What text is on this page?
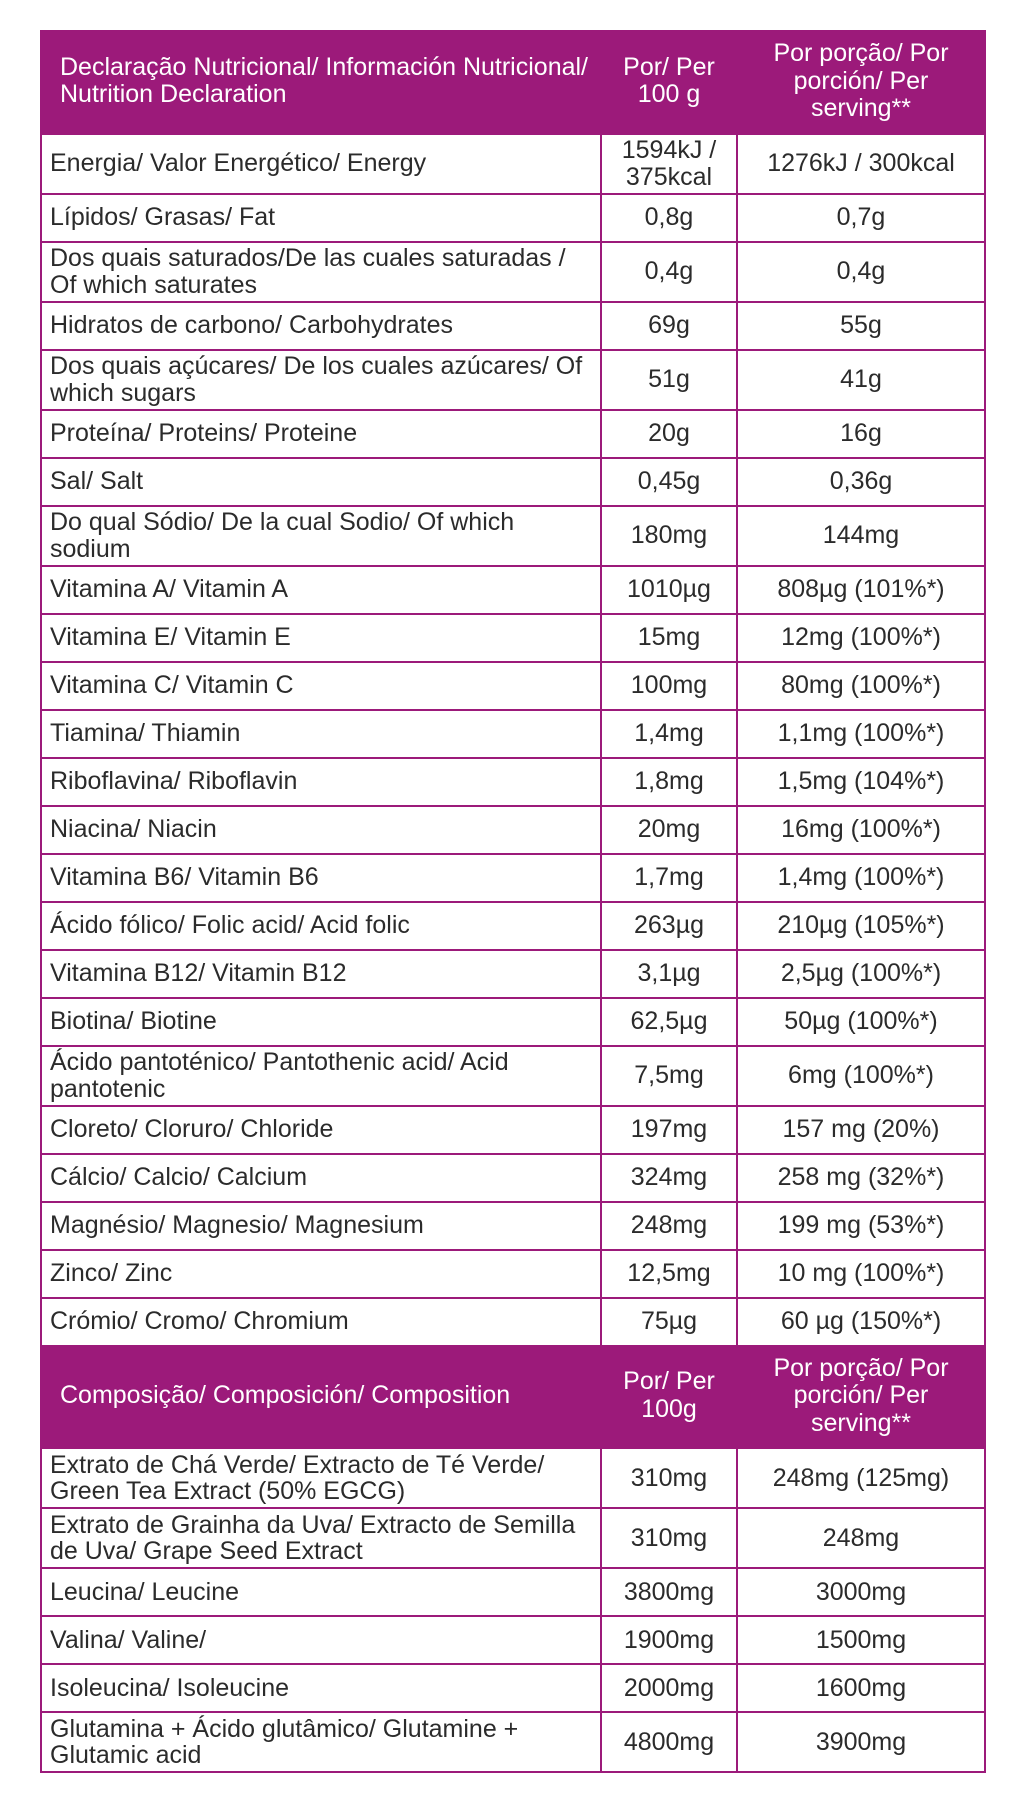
Declaração Nutricional/ Información Nutricional/ Nutrition Declaration	Por/ Per 100 g	Por porção/ Por porción/ Per serving**
Energia/ Valor Energético/ Energy	1594kJ / 375kcal	1276kJ / 300kcal
Lípidos/ Grasas/ Fat	0,8g	0,7g
Dos quais saturados/De las cuales saturadas / Of which saturates	0,4g	0,4g
Hidratos de carbono/ Carbohydrates	69g	55g
Dos quais açúcares/ De los cuales azúcares/ Of which sugars	51g	41g
Proteína/ Proteins/ Proteine	20g	16g
Sal/ Salt	0,45g	0,36g
Do qual Sódio/ De la cual Sodio/ Of which sodium	180mg	144mg
Vitamina A/ Vitamin A	1010µg	808µg (101%*)
Vitamina E/ Vitamin E	15mg	12mg (100%*)
Vitamina C/ Vitamin C	100mg	80mg (100%*)
Tiamina/ Thiamin	1,4mg	1,1mg (100%*)
Riboflavina/ Riboflavin	1,8mg	1,5mg (104%*)
Niacina/ Niacin	20mg	16mg (100%*)
Vitamina B6/ Vitamin B6	1,7mg	1,4mg (100%*)
Ácido fólico/ Folic acid/ Acid folic	263µg	210µg (105%*)
Vitamina B12/ Vitamin B12	3,1µg	2,5µg (100%*)
Biotina/ Biotine	62,5µg	50µg (100%*)
Ácido pantoténico/ Pantothenic acid/ Acid pantotenic	7,5mg	6mg (100%*)
Cloreto/ Cloruro/ Chloride	197mg	157 mg (20%)
Cálcio/ Calcio/ Calcium	324mg	258 mg (32%*)
Magnésio/ Magnesio/ Magnesium	248mg	199 mg (53%*)
Zinco/ Zinc	12,5mg	10 mg (100%*)
Crómio/ Cromo/ Chromium	75µg	60 µg (150%*)
Composição/ Composición/ Composition	Por/ Per 100g	Por porção/ Por porción/ Per serving**
Extrato de Chá Verde/ Extracto de Té Verde/ Green Tea Extract (50% EGCG)	310mg	248mg (125mg)
Extrato de Grainha da Uva/ Extracto de Semilla de Uva/ Grape Seed Extract	310mg	248mg
Leucina/ Leucine	3800mg	3000mg
Valina/ Valine/	1900mg	1500mg
Isoleucina/ Isoleucine	2000mg	1600mg
Glutamina + Ácido glutâmico/ Glutamine + Glutamic acid	4800mg	3900mg
